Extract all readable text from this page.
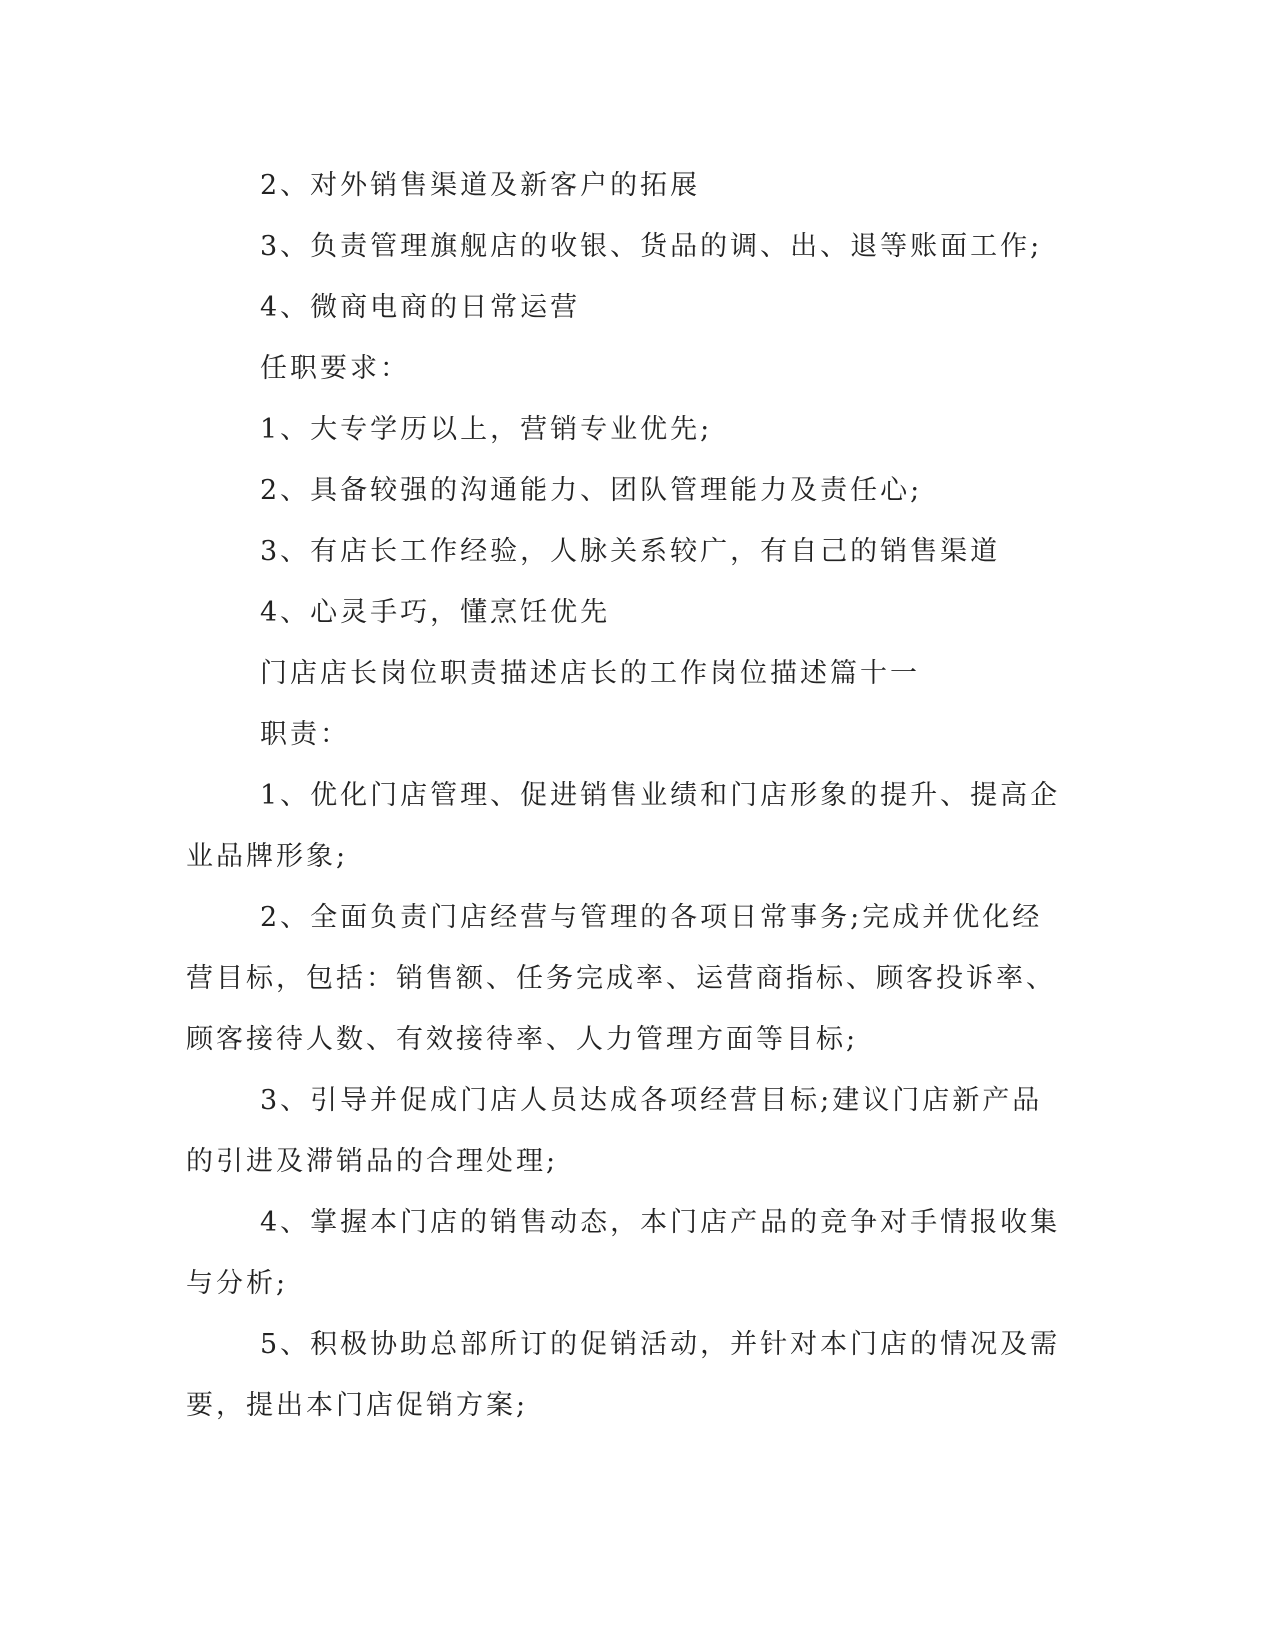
2、对外销售渠道及新客户的拓展

3、负责管理旗舰店的收银、货品的调、出、退等账面工作;

4、微商电商的日常运营

任职要求：

1、大专学历以上，营销专业优先;

2、具备较强的沟通能力、团队管理能力及责任心;

3、有店长工作经验，人脉关系较广，有自己的销售渠道

4、心灵手巧，懂烹饪优先

门店店长岗位职责描述店长的工作岗位描述篇十一

职责：

1、优化门店管理、促进销售业绩和门店形象的提升、提高企业品牌形象;

2、全面负责门店经营与管理的各项日常事务;完成并优化经营目标，包括：销售额、任务完成率、运营商指标、顾客投诉率、顾客接待人数、有效接待率、人力管理方面等目标;

3、引导并促成门店人员达成各项经营目标;建议门店新产品的引进及滞销品的合理处理;

4、掌握本门店的销售动态，本门店产品的竞争对手情报收集与分析;

5、积极协助总部所订的促销活动，并针对本门店的情况及需要，提出本门店促销方案;
